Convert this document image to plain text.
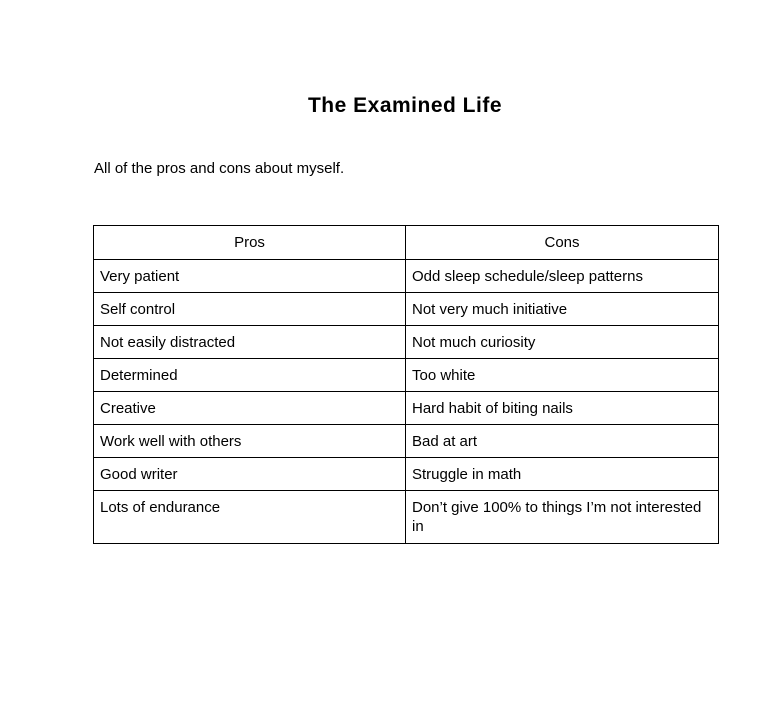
The Examined Life

All of the pros and cons about myself.

Pros	Cons
Very patient	Odd sleep schedule/sleep patterns
Self control	Not very much initiative
Not easily distracted	Not much curiosity
Determined	Too white
Creative	Hard habit of biting nails
Work well with others	Bad at art
Good writer	Struggle in math
Lots of endurance	Don’t give 100% to things I’m not interested in
